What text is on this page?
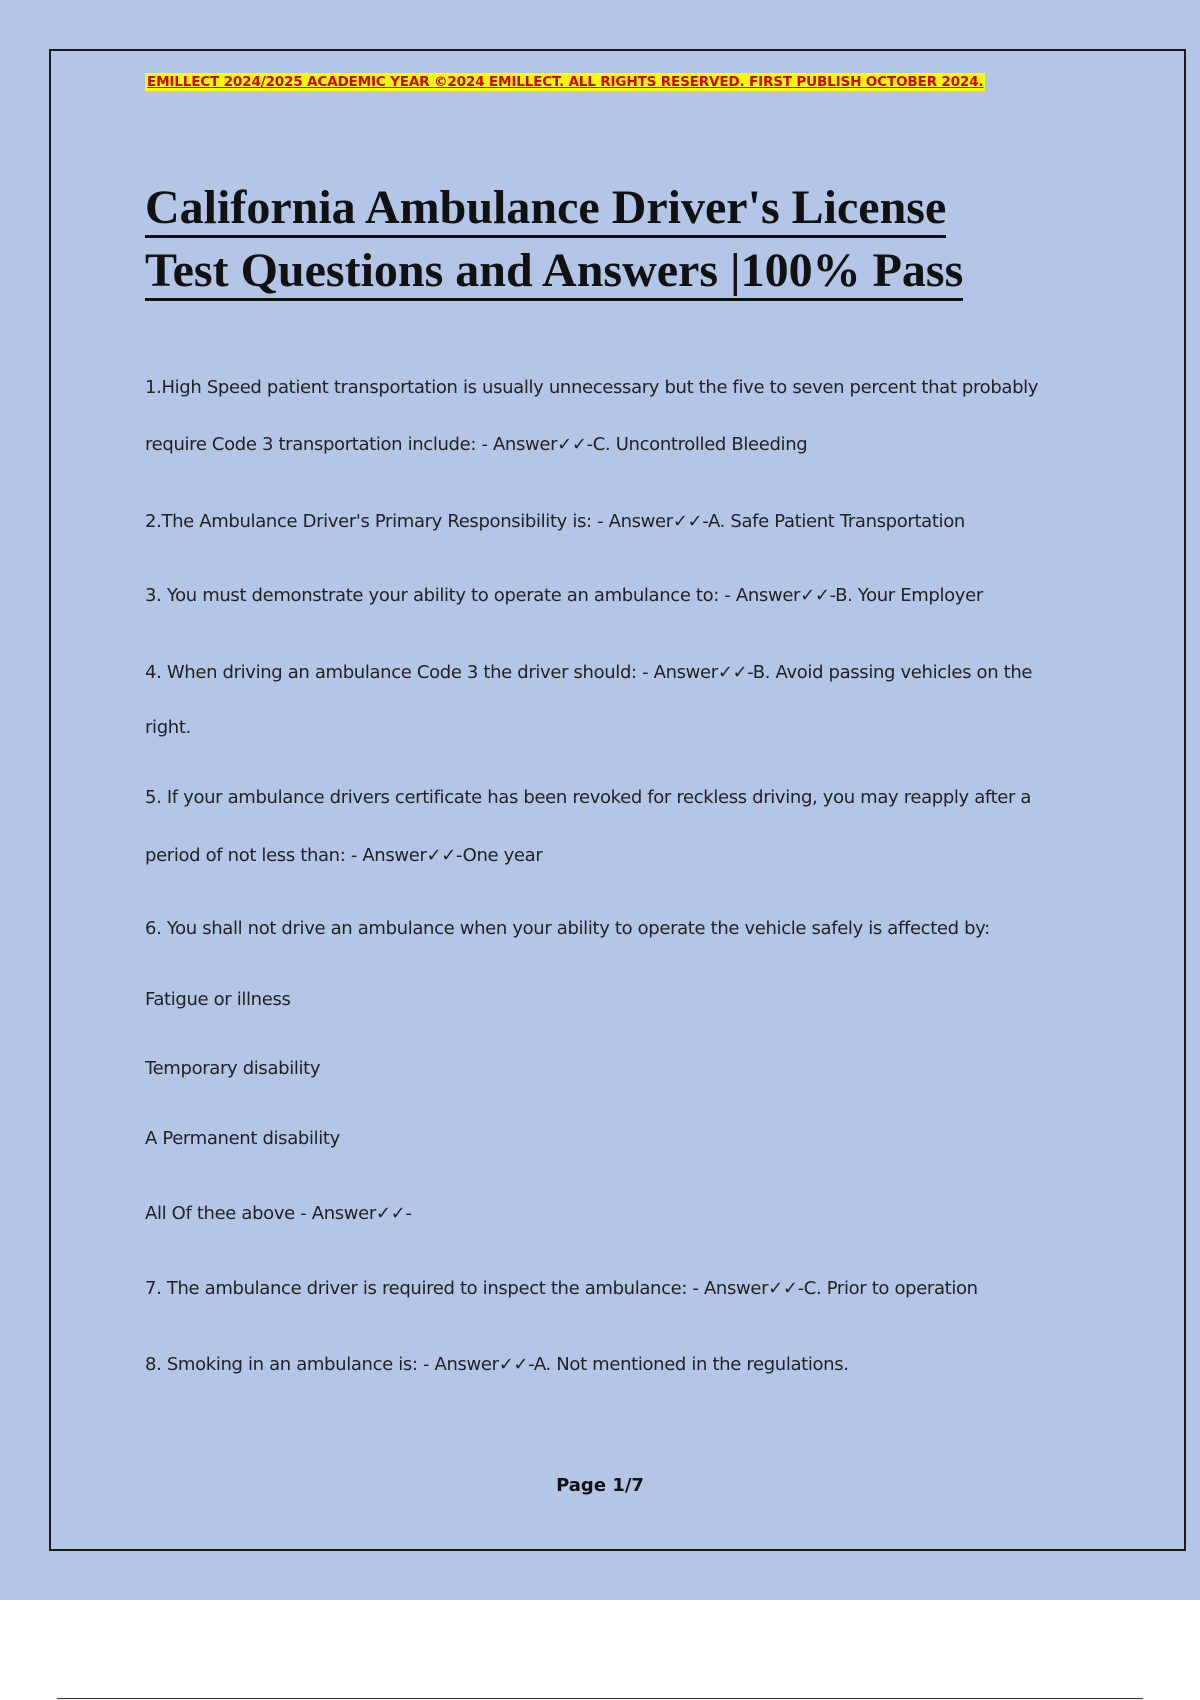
EMILLECT 2024/2025 ACADEMIC YEAR ©2024 EMILLECT. ALL RIGHTS RESERVED. FIRST PUBLISH OCTOBER 2024.
California Ambulance Driver's License
Test Questions and Answers |100% Pass
1.High Speed patient transportation is usually unnecessary but the five to seven percent that probably
require Code 3 transportation include: - Answer✓✓-C. Uncontrolled Bleeding
2.The Ambulance Driver's Primary Responsibility is: - Answer✓✓-A. Safe Patient Transportation
3. You must demonstrate your ability to operate an ambulance to: - Answer✓✓-B. Your Employer
4. When driving an ambulance Code 3 the driver should: - Answer✓✓-B. Avoid passing vehicles on the
right.
5. If your ambulance drivers certificate has been revoked for reckless driving, you may reapply after a
period of not less than: - Answer✓✓-One year
6. You shall not drive an ambulance when your ability to operate the vehicle safely is affected by:
Fatigue or illness
Temporary disability
A Permanent disability
All Of thee above - Answer✓✓-
7. The ambulance driver is required to inspect the ambulance: - Answer✓✓-C. Prior to operation
8. Smoking in an ambulance is: - Answer✓✓-A. Not mentioned in the regulations.
Page 1/7
